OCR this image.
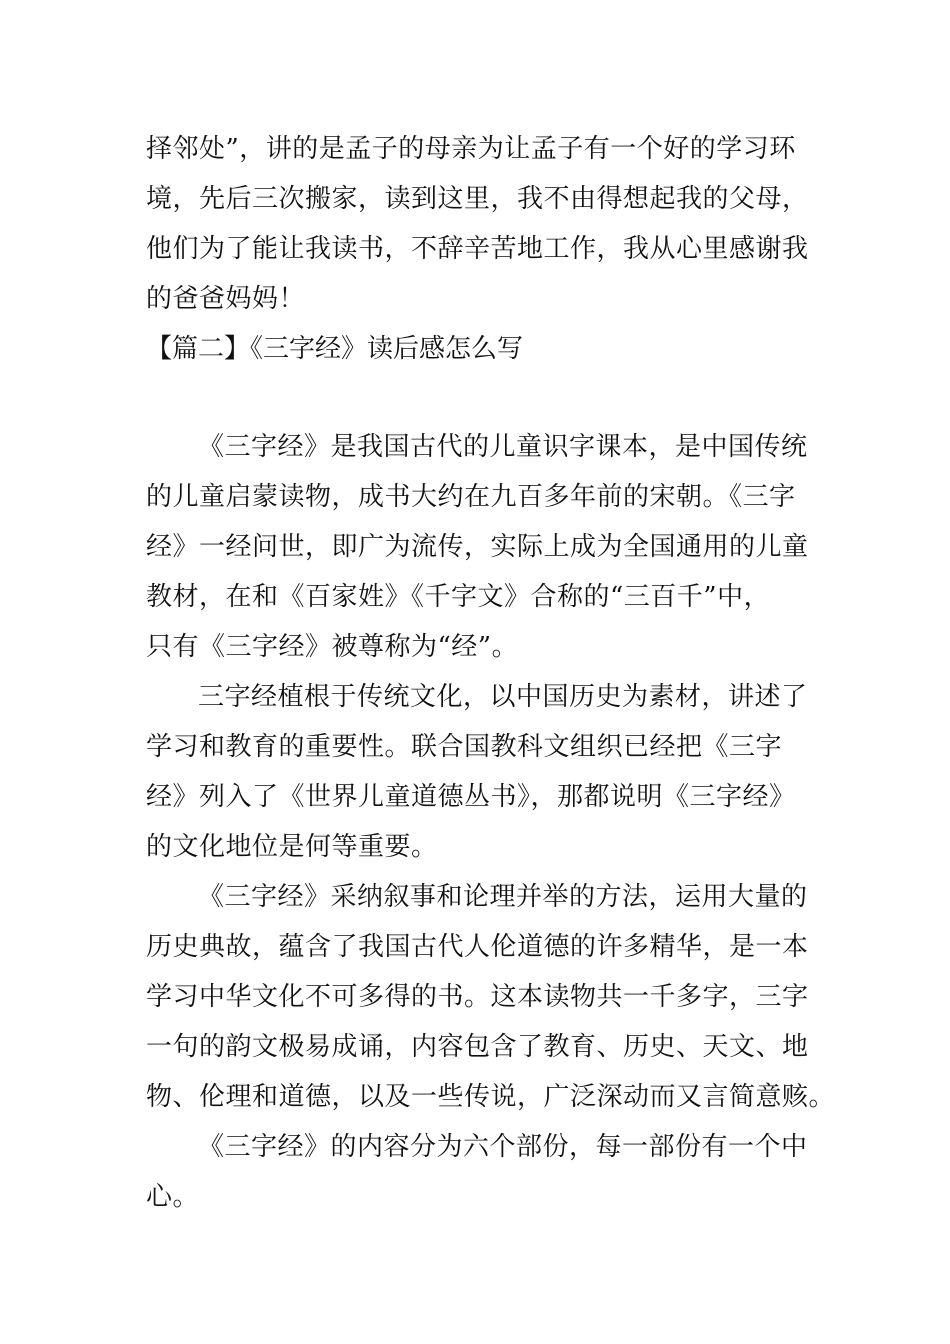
择邻处”，讲的是孟子的母亲为让孟子有一个好的学习环
境，先后三次搬家，读到这里，我不由得想起我的父母，
他们为了能让我读书，不辞辛苦地工作，我从心里感谢我
的爸爸妈妈！
【篇二】《三字经》读后感怎么写
《三字经》是我国古代的儿童识字课本，是中国传统
的儿童启蒙读物，成书大约在九百多年前的宋朝。《三字
经》一经问世，即广为流传，实际上成为全国通用的儿童
教材，在和《百家姓》《千字文》合称的“三百千”中，
只有《三字经》被尊称为“经”。
三字经植根于传统文化，以中国历史为素材，讲述了
学习和教育的重要性。联合国教科文组织已经把《三字
经》列入了《世界儿童道德丛书》，那都说明《三字经》
的文化地位是何等重要。
《三字经》采纳叙事和论理并举的方法，运用大量的
历史典故，蕴含了我国古代人伦道德的许多精华，是一本
学习中华文化不可多得的书。这本读物共一千多字，三字
一句的韵文极易成诵，内容包含了教育、历史、天文、地
物、伦理和道德，以及一些传说，广泛深动而又言简意赅。
《三字经》的内容分为六个部份，每一部份有一个中
心。
